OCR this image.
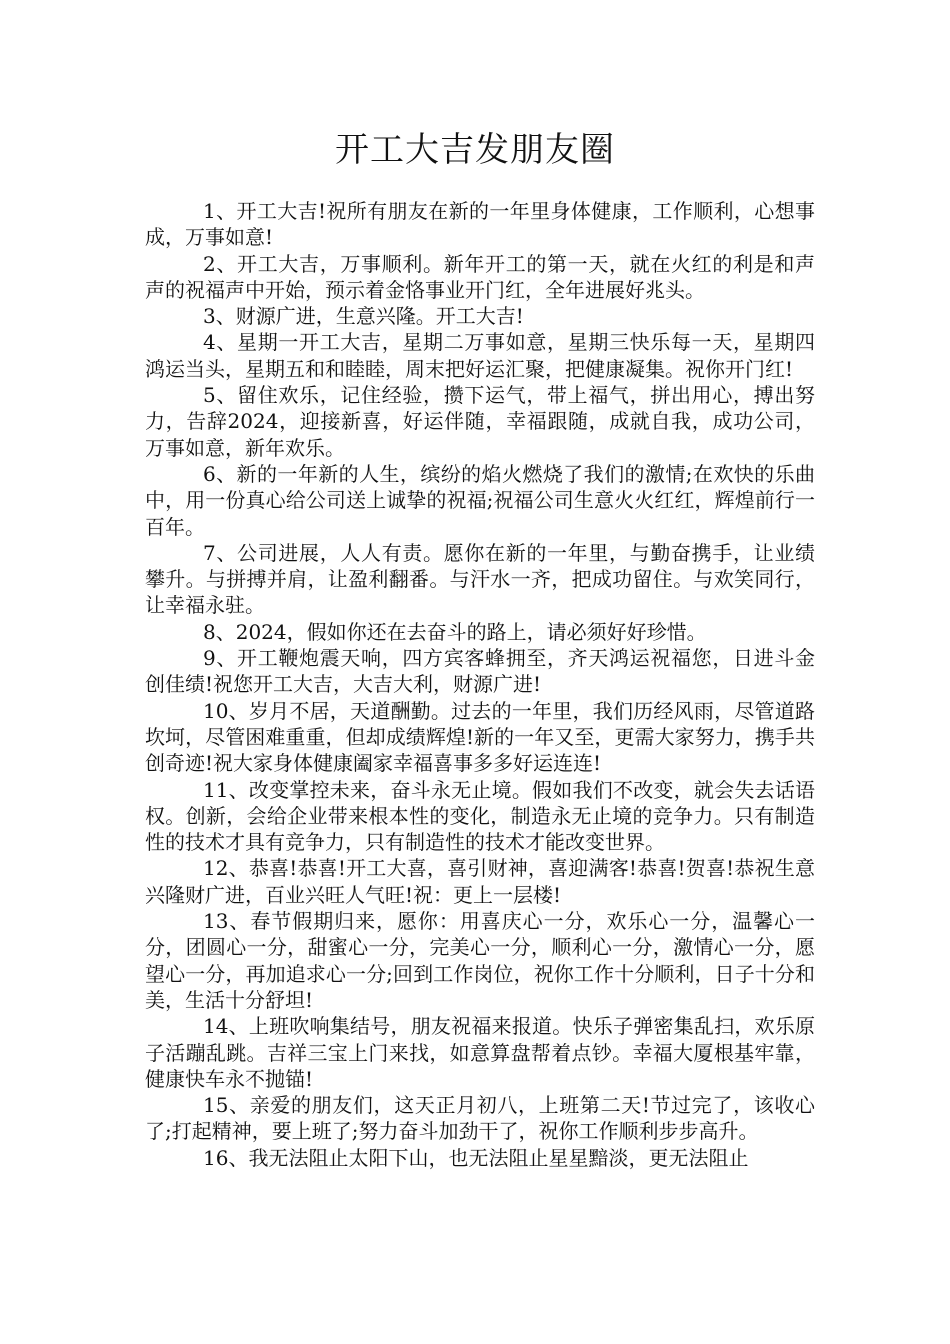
开工大吉发朋友圈

1、开工大吉!祝所有朋友在新的一年里身体健康，工作顺利，心想事成，万事如意!

2、开工大吉，万事顺利。新年开工的第一天，就在火红的利是和声声的祝福声中开始，预示着金恪事业开门红，全年进展好兆头。

3、财源广进，生意兴隆。开工大吉!

4、星期一开工大吉，星期二万事如意，星期三快乐每一天，星期四鸿运当头，星期五和和睦睦，周末把好运汇聚，把健康凝集。祝你开门红!

5、留住欢乐，记住经验，攒下运气，带上福气，拼出用心，搏出努力，告辞2024，迎接新喜，好运伴随，幸福跟随，成就自我，成功公司，万事如意，新年欢乐。

6、新的一年新的人生，缤纷的焰火燃烧了我们的激情;在欢快的乐曲中，用一份真心给公司送上诚挚的祝福;祝福公司生意火火红红，辉煌前行一百年。

7、公司进展，人人有责。愿你在新的一年里，与勤奋携手，让业绩攀升。与拼搏并肩，让盈利翻番。与汗水一齐，把成功留住。与欢笑同行，让幸福永驻。

8、2024，假如你还在去奋斗的路上，请必须好好珍惜。

9、开工鞭炮震天响，四方宾客蜂拥至，齐天鸿运祝福您，日进斗金创佳绩!祝您开工大吉，大吉大利，财源广进!

10、岁月不居，天道酬勤。过去的一年里，我们历经风雨，尽管道路坎坷，尽管困难重重，但却成绩辉煌!新的一年又至，更需大家努力，携手共创奇迹!祝大家身体健康阖家幸福喜事多多好运连连!

11、改变掌控未来，奋斗永无止境。假如我们不改变，就会失去话语权。创新，会给企业带来根本性的变化，制造永无止境的竞争力。只有制造性的技术才具有竞争力，只有制造性的技术才能改变世界。

12、恭喜!恭喜!开工大喜，喜引财神，喜迎满客!恭喜!贺喜!恭祝生意兴隆财广进，百业兴旺人气旺!祝：更上一层楼!

13、春节假期归来，愿你：用喜庆心一分，欢乐心一分，温馨心一分，团圆心一分，甜蜜心一分，完美心一分，顺利心一分，激情心一分，愿望心一分，再加追求心一分;回到工作岗位，祝你工作十分顺利，日子十分和美，生活十分舒坦!

14、上班吹响集结号，朋友祝福来报道。快乐子弹密集乱扫，欢乐原子活蹦乱跳。吉祥三宝上门来找，如意算盘帮着点钞。幸福大厦根基牢靠，健康快车永不抛锚!

15、亲爱的朋友们，这天正月初八，上班第二天!节过完了，该收心了;打起精神，要上班了;努力奋斗加劲干了，祝你工作顺利步步高升。

16、我无法阻止太阳下山，也无法阻止星星黯淡，更无法阻止
